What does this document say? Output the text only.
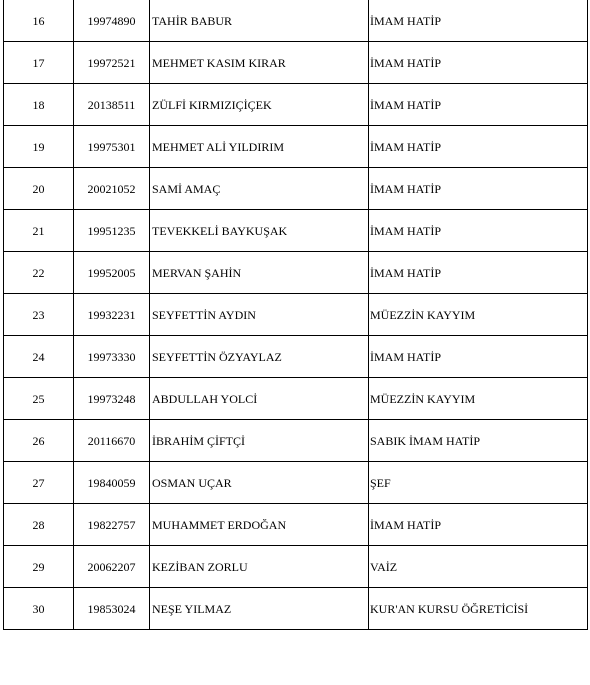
16	19974890	TAHİR BABUR	İMAM HATİP
17	19972521	MEHMET KASIM KIRAR	İMAM HATİP
18	20138511	ZÜLFİ KIRMIZIÇİÇEK	İMAM HATİP
19	19975301	MEHMET ALİ YILDIRIM	İMAM HATİP
20	20021052	SAMİ AMAÇ	İMAM HATİP
21	19951235	TEVEKKELİ BAYKUŞAK	İMAM HATİP
22	19952005	MERVAN ŞAHİN	İMAM HATİP
23	19932231	SEYFETTİN AYDIN	MÜEZZİN KAYYIM
24	19973330	SEYFETTİN ÖZYAYLAZ	İMAM HATİP
25	19973248	ABDULLAH YOLCİ	MÜEZZİN KAYYIM
26	20116670	İBRAHİM ÇİFTÇİ	SABIK İMAM HATİP
27	19840059	OSMAN UÇAR	ŞEF
28	19822757	MUHAMMET ERDOĞAN	İMAM HATİP
29	20062207	KEZİBAN ZORLU	VAİZ
30	19853024	NEŞE YILMAZ	KUR'AN KURSU ÖĞRETİCİSİ
